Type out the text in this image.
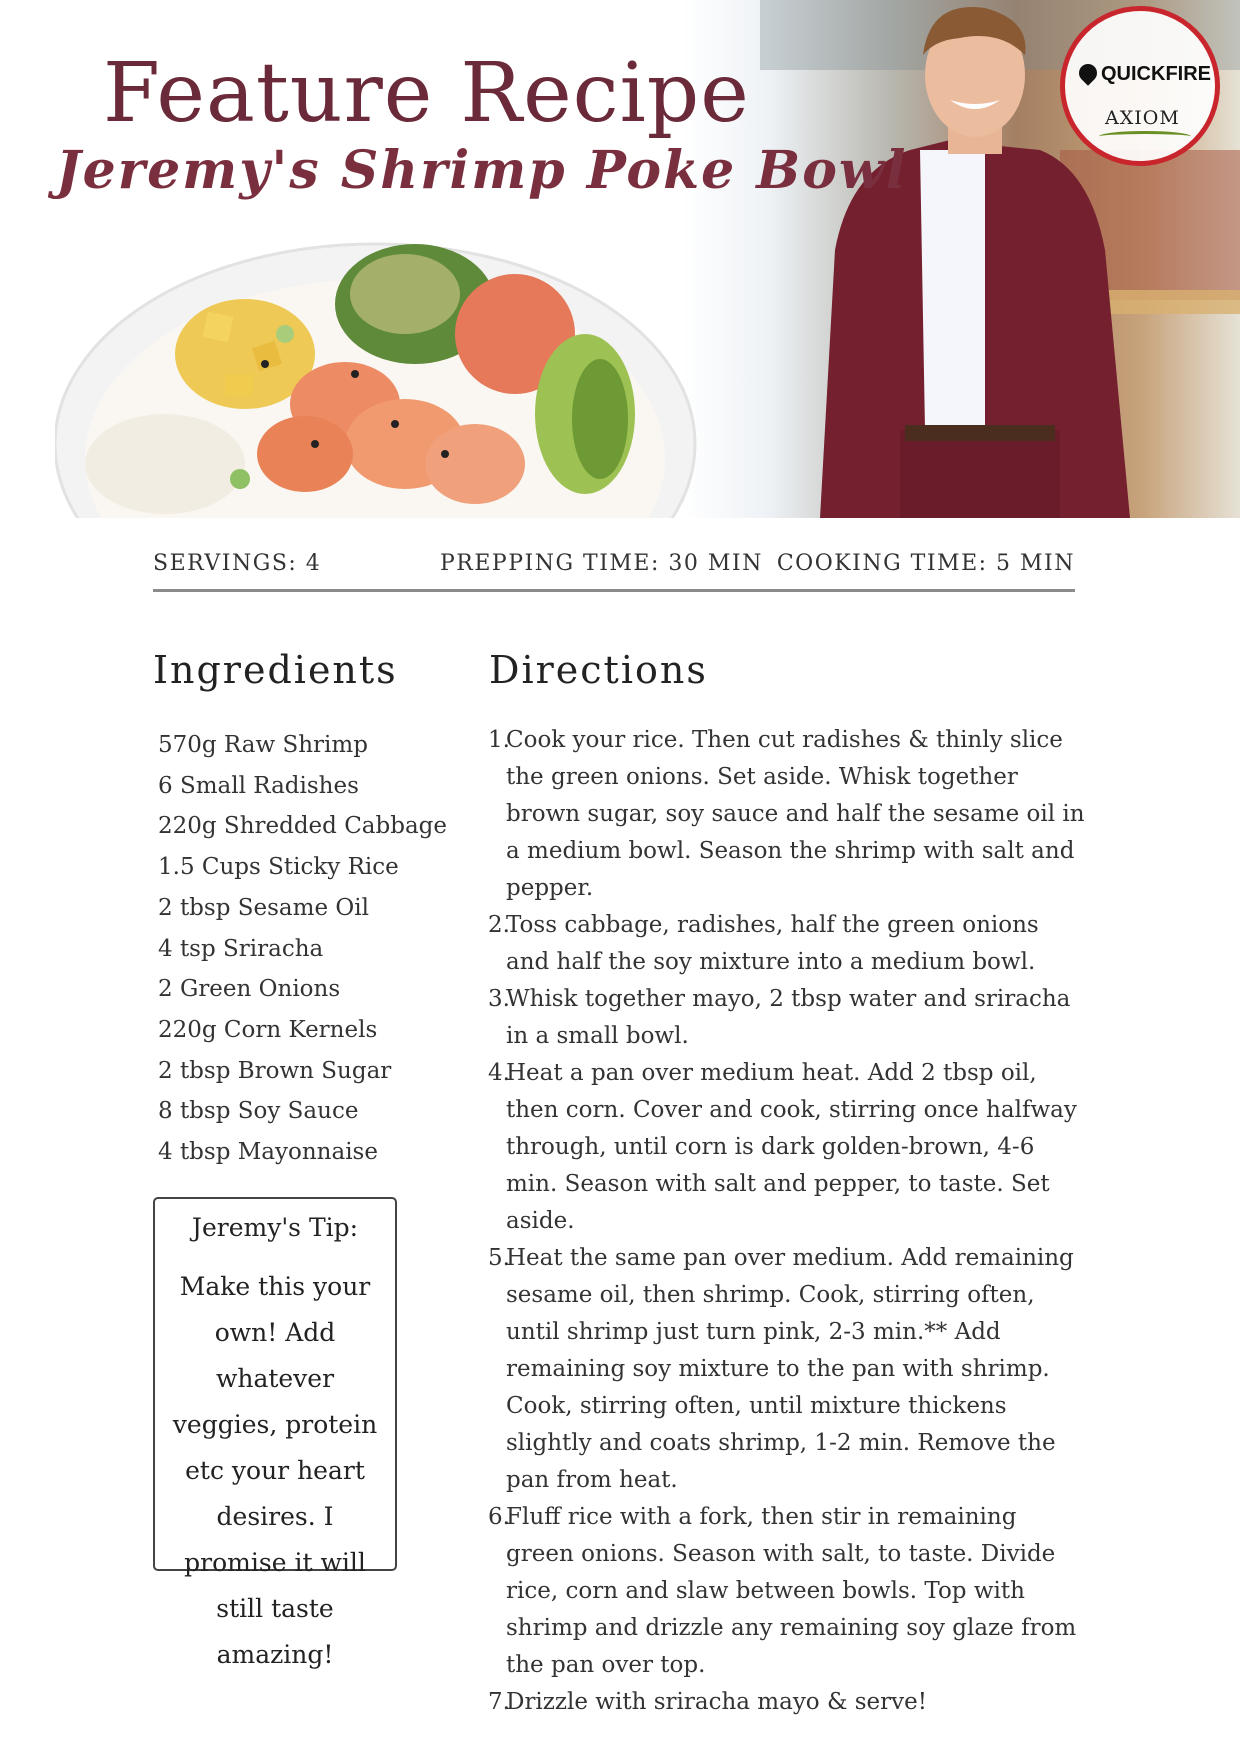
Feature Recipe
Jeremy's Shrimp Poke Bowl
QUICKFIRE
AXIOM
SERVINGS: 4	PREPPING TIME: 30 MIN COOKING TIME: 5 MIN
Ingredients Directions
570g Raw Shrimp
6 Small Radishes
220g Shredded Cabbage
1.5 Cups Sticky Rice
2 tbsp Sesame Oil
4 tsp Sriracha
2 Green Onions
220g Corn Kernels
2 tbsp Brown Sugar
8 tbsp Soy Sauce
4 tbsp Mayonnaise
Jeremy's Tip:
Make this your own! Add whatever veggies, protein etc your heart desires. I promise it will still taste amazing!
1.
Cook your rice. Then cut radishes & thinly slice the green onions. Set aside. Whisk together brown sugar, soy sauce and half the sesame oil in a medium bowl. Season the shrimp with salt and pepper.
2.
Toss cabbage, radishes, half the green onions and half the soy mixture into a medium bowl.
3.
Whisk together mayo, 2 tbsp water and sriracha in a small bowl.
4.
Heat a pan over medium heat. Add 2 tbsp oil, then corn. Cover and cook, stirring once halfway through, until corn is dark golden-brown, 4-6 min. Season with salt and pepper, to taste. Set aside.
5.
Heat the same pan over medium. Add remaining sesame oil, then shrimp. Cook, stirring often, until shrimp just turn pink, 2-3 min.** Add remaining soy mixture to the pan with shrimp. Cook, stirring often, until mixture thickens slightly and coats shrimp, 1-2 min. Remove the pan from heat.
6.
Fluff rice with a fork, then stir in remaining green onions. Season with salt, to taste. Divide rice, corn and slaw between bowls. Top with shrimp and drizzle any remaining soy glaze from the pan over top.
7.
Drizzle with sriracha mayo & serve!
